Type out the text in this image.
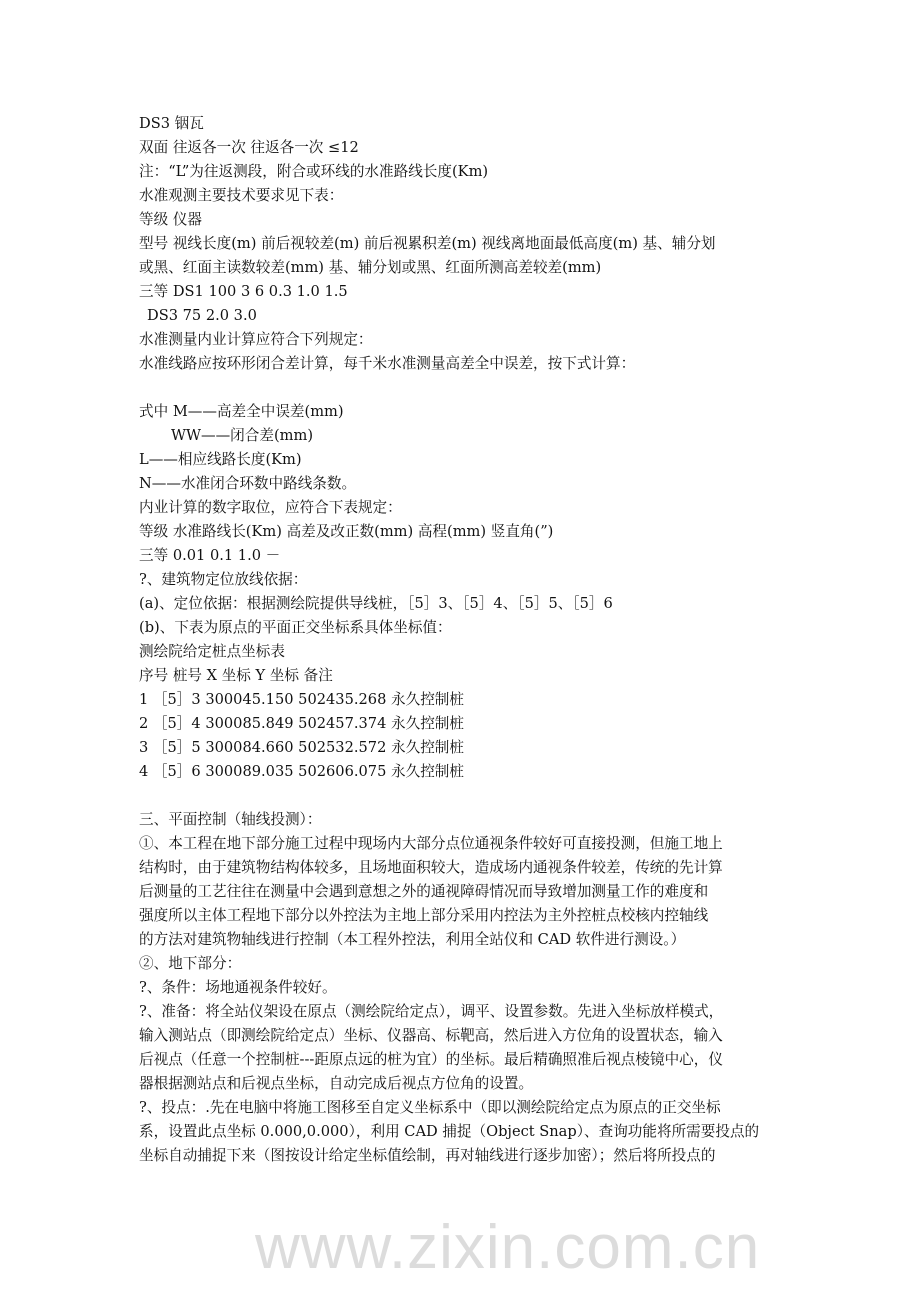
www.zixin.com.cn
DS3 铟瓦
双面 往返各一次 往返各一次 ≤12
注：“L”为往返测段，附合或环线的水准路线长度(Km)
水准观测主要技术要求见下表：
等级 仪器
型号 视线长度(m) 前后视较差(m) 前后视累积差(m) 视线离地面最低高度(m) 基、辅分划
或黑、红面主读数较差(mm) 基、辅分划或黑、红面所测高差较差(mm)
三等 DS1 100 3 6 0.3 1.0 1.5
DS3 75 2.0 3.0
水准测量内业计算应符合下列规定：
水准线路应按环形闭合差计算，每千米水准测量高差全中误差，按下式计算：
式中 M——高差全中误差(mm)
WW——闭合差(mm)
L——相应线路长度(Km)
N——水准闭合环数中路线条数。
内业计算的数字取位，应符合下表规定：
等级 水准路线长(Km) 高差及改正数(mm) 高程(mm) 竖直角(”)
三等 0.01 0.1 1.0 －
?、建筑物定位放线依据：
(a)、定位依据：根据测绘院提供导线桩，［5］3、［5］4、［5］5、［5］6
(b)、下表为原点的平面正交坐标系具体坐标值：
测绘院给定桩点坐标表
序号 桩号 X 坐标 Y 坐标 备注
1 ［5］3 300045.150 502435.268 永久控制桩
2 ［5］4 300085.849 502457.374 永久控制桩
3 ［5］5 300084.660 502532.572 永久控制桩
4 ［5］6 300089.035 502606.075 永久控制桩
三、平面控制（轴线投测）：
①、本工程在地下部分施工过程中现场内大部分点位通视条件较好可直接投测，但施工地上
结构时，由于建筑物结构体较多，且场地面积较大，造成场内通视条件较差，传统的先计算
后测量的工艺往往在测量中会遇到意想之外的通视障碍情况而导致增加测量工作的难度和
强度所以主体工程地下部分以外控法为主地上部分采用内控法为主外控桩点校核内控轴线
的方法对建筑物轴线进行控制（本工程外控法，利用全站仪和 CAD 软件进行测设。）
②、地下部分：
?、条件：场地通视条件较好。
?、准备：将全站仪架设在原点（测绘院给定点），调平、设置参数。先进入坐标放样模式，
输入测站点（即测绘院给定点）坐标、仪器高、标靶高，然后进入方位角的设置状态，输入
后视点（任意一个控制桩---距原点远的桩为宜）的坐标。最后精确照准后视点棱镜中心，仪
器根据测站点和后视点坐标，自动完成后视点方位角的设置。
?、投点：.先在电脑中将施工图移至自定义坐标系中（即以测绘院给定点为原点的正交坐标
系，设置此点坐标 0.000,0.000），利用 CAD 捕捉（Object Snap）、查询功能将所需要投点的
坐标自动捕捉下来（图按设计给定坐标值绘制，再对轴线进行逐步加密）；然后将所投点的
